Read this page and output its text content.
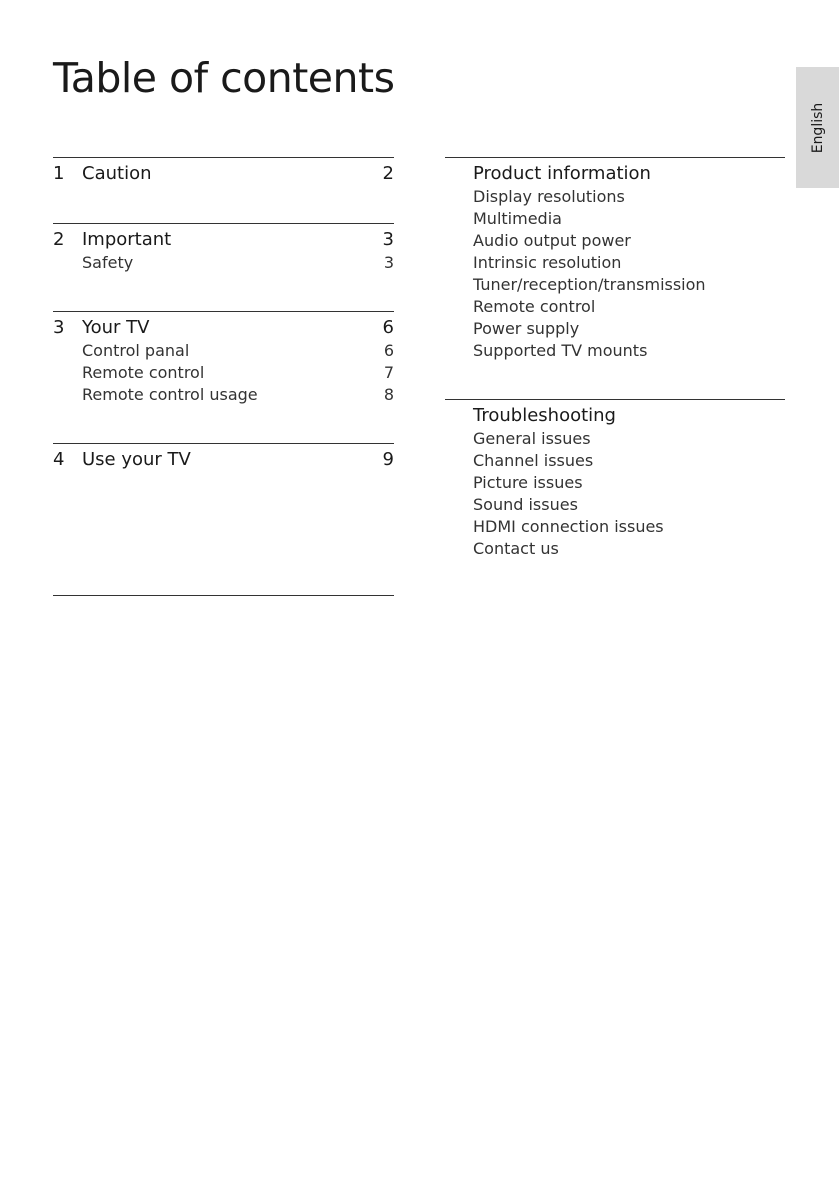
Table of contents
English
1 Caution	2
2 Important	3
Safety	3
3 Your TV	6
Control panal	6
Remote control	7
Remote control usage	8
4 Use your TV	9
Product information
Display resolutions
Multimedia
Audio output power
Intrinsic resolution
Tuner/reception/transmission
Remote control
Power supply
Supported TV mounts
Troubleshooting
General issues
Channel issues
Picture issues
Sound issues
HDMI connection issues
Contact us
